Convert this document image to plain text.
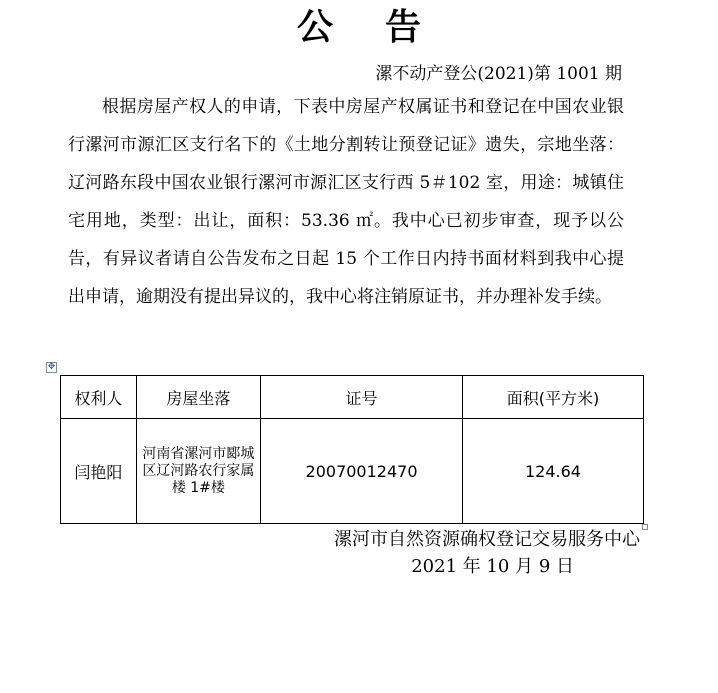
公告
漯不动产登公(2021)第 1001 期

根据房屋产权人的申请，下表中房屋产权属证书和登记在中国农业银行漯河市源汇区支行名下的《土地分割转让预登记证》遗失，宗地坐落：辽河路东段中国农业银行漯河市源汇区支行西 5＃102 室，用途：城镇住宅用地，类型：出让，面积：53.36 ㎡。我中心已初步审查，现予以公告，有异议者请自公告发布之日起 15 个工作日内持书面材料到我中心提出申请，逾期没有提出异议的，我中心将注销原证书，并办理补发手续。

✥
权利人	房屋坐落	证号	面积(平方米)
闫艳阳	河南省漯河市郾城区辽河路农行家属楼 1#楼	20070012470	124.64
漯河市自然资源确权登记交易服务中心
2021 年 10 月 9 日
